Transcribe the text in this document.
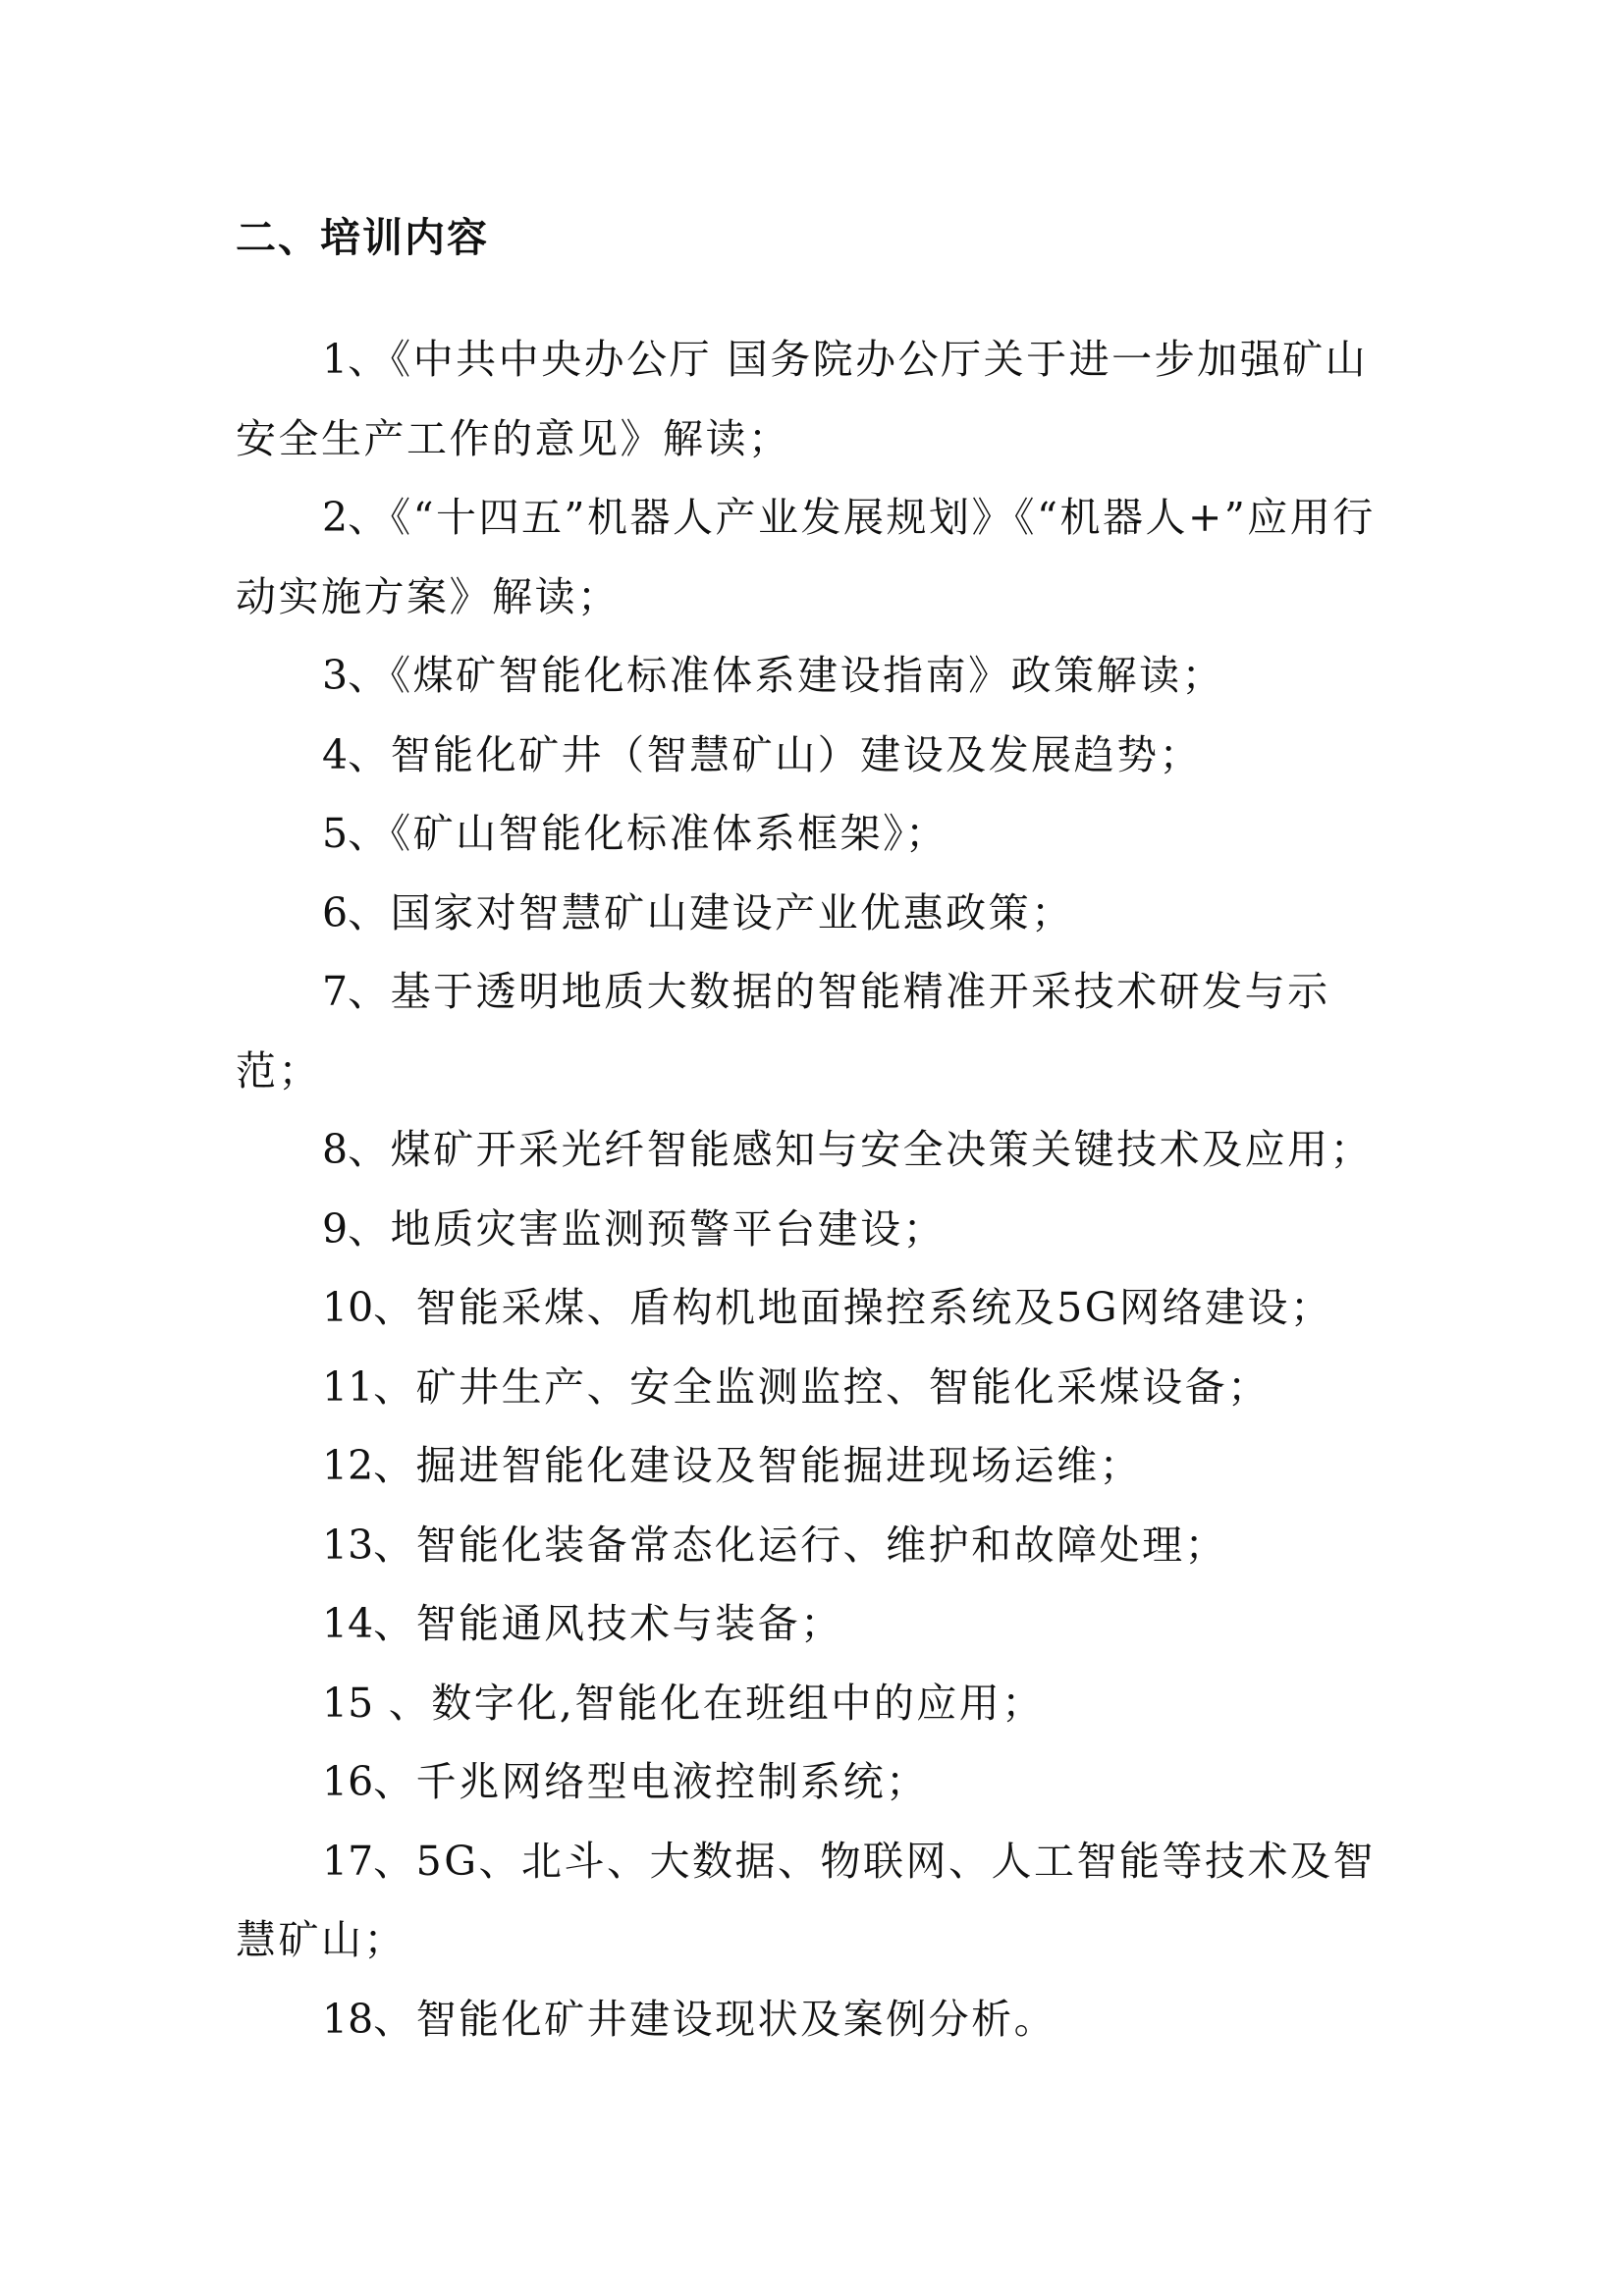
二、培训内容

1、《中共中央办公厅 国务院办公厅关于进一步加强矿山安全生产工作的意见》解读；

2、《“十四五”机器人产业发展规划》《“机器人+”应用行动实施方案》解读；

3、《煤矿智能化标准体系建设指南》政策解读；

4、智能化矿井（智慧矿山）建设及发展趋势；

5、《矿山智能化标准体系框架》；

6、国家对智慧矿山建设产业优惠政策；

7、基于透明地质大数据的智能精准开采技术研发与示范；

8、煤矿开采光纤智能感知与安全决策关键技术及应用；

9、地质灾害监测预警平台建设；

10、智能采煤、盾构机地面操控系统及5G网络建设；

11、矿井生产、安全监测监控、智能化采煤设备；

12、掘进智能化建设及智能掘进现场运维；

13、智能化装备常态化运行、维护和故障处理；

14、智能通风技术与装备；

15 、数字化,智能化在班组中的应用；

16、千兆网络型电液控制系统；

17、5G、北斗、大数据、物联网、人工智能等技术及智慧矿山；

18、智能化矿井建设现状及案例分析。
